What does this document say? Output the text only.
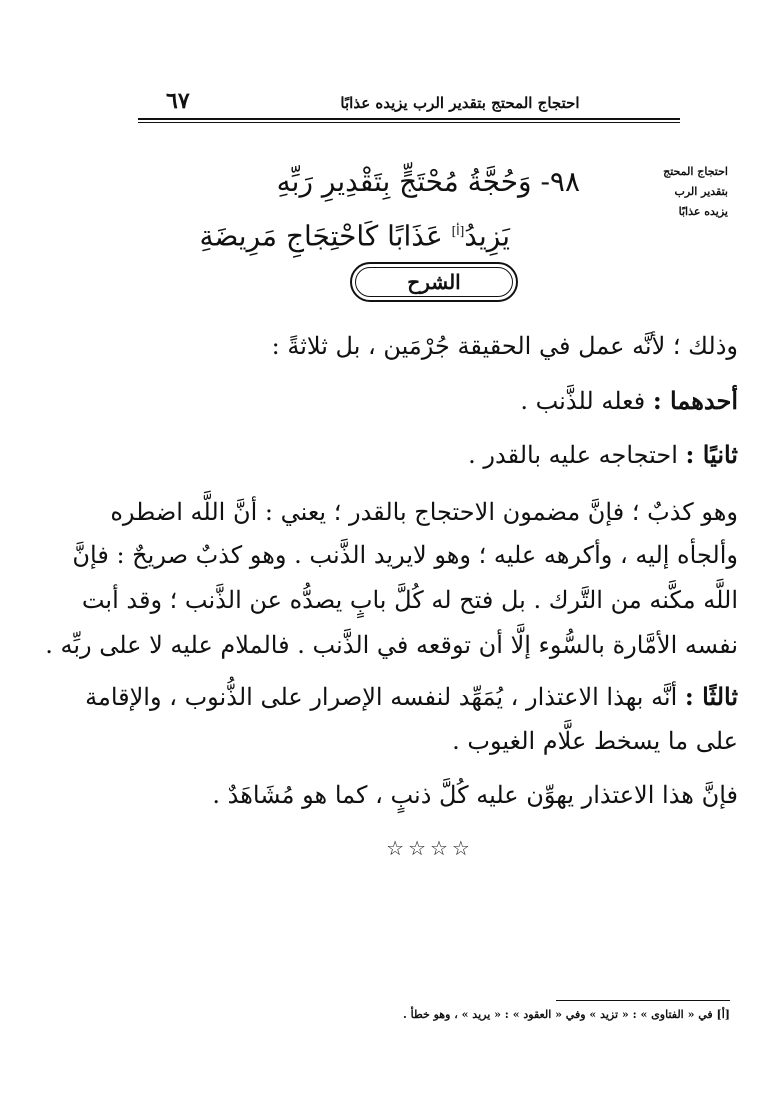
احتجاج المحتج بتقدير الرب يزيده عذابًا
٦٧
احتجاج المحتج
بتقدير الرب
يزيده عذابًا
٩٨- وَحُجَّةُ مُحْتَجٍّ بِتَقْدِيرِ رَبِّهِ
يَزِيدُ[أ] عَذَابًا كَاحْتِجَاجِ مَرِيضَةِ
الشرح
وذلك ؛ لأنَّه عمل في الحقيقة جُرْمَين ، بل ثلاثةً :
أحدهما : فعله للذَّنب .
ثانيًا : احتجاجه عليه بالقدر .
وهو كذبٌ ؛ فإنَّ مضمون الاحتجاج بالقدر ؛ يعني : أنَّ اللَّه اضطره
وألجأه إليه ، وأكرهه عليه ؛ وهو لايريد الذَّنب . وهو كذبٌ صريحٌ : فإنَّ
اللَّه مكَّنه من التَّرك . بل فتح له كُلَّ بابٍ يصدُّه عن الذَّنب ؛ وقد أبت
نفسه الأمَّارة بالسُّوء إلَّا أن توقعه في الذَّنب . فالملام عليه لا على ربِّه .
ثالثًا : أنَّه بهذا الاعتذار ، يُمَهِّد لنفسه الإصرار على الذُّنوب ، والإقامة
على ما يسخط علَّام الغيوب .
فإنَّ هذا الاعتذار يهوِّن عليه كُلَّ ذنبٍ ، كما هو مُشَاهَدٌ .
☆☆☆☆
[أ] في « الفتاوى » : « تزيد » وفي « العقود » : « يريد » ، وهو خطأ .
